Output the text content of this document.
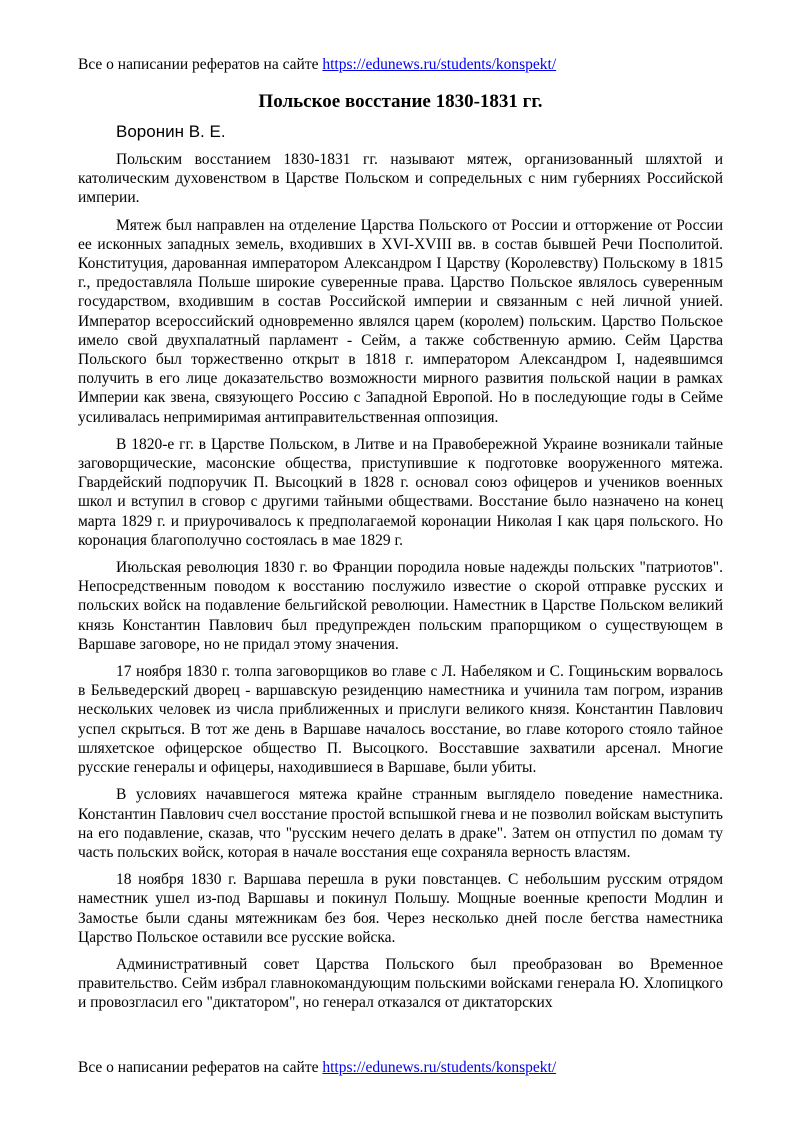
Все о написании рефератов на сайте https://edunews.ru/students/konspekt/
Польское восстание 1830-1831 гг.
Воронин В. Е.

Польским восстанием 1830-1831 гг. называют мятеж, организованный шляхтой и католическим духовенством в Царстве Польском и сопредельных с ним губерниях Российской империи.

Мятеж был направлен на отделение Царства Польского от России и отторжение от России ее исконных западных земель, входивших в XVI-XVIII вв. в состав бывшей Речи Посполитой. Конституция, дарованная императором Александром I Царству (Королевству) Польскому в 1815 г., предоставляла Польше широкие суверенные права. Царство Польское являлось суверенным государством, входившим в состав Российской империи и связанным с ней личной унией. Император всероссийский одновременно являлся царем (королем) польским. Царство Польское имело свой двухпалатный парламент - Сейм, а также собственную армию. Сейм Царства Польского был торжественно открыт в 1818 г. императором Александром I, надеявшимся получить в его лице доказательство возможности мирного развития польской нации в рамках Империи как звена, связующего Россию с Западной Европой. Но в последующие годы в Сейме усиливалась непримиримая антиправительственная оппозиция.

В 1820-е гг. в Царстве Польском, в Литве и на Правобережной Украине возникали тайные заговорщические, масонские общества, приступившие к подготовке вооруженного мятежа. Гвардейский подпоручик П. Высоцкий в 1828 г. основал союз офицеров и учеников военных школ и вступил в сговор с другими тайными обществами. Восстание было назначено на конец марта 1829 г. и приурочивалось к предполагаемой коронации Николая I как царя польского. Но коронация благополучно состоялась в мае 1829 г.

Июльская революция 1830 г. во Франции породила новые надежды польских "патриотов". Непосредственным поводом к восстанию послужило известие о скорой отправке русских и польских войск на подавление бельгийской революции. Наместник в Царстве Польском великий князь Константин Павлович был предупрежден польским прапорщиком о существующем в Варшаве заговоре, но не придал этому значения.

17 ноября 1830 г. толпа заговорщиков во главе с Л. Набеляком и С. Гощиньским ворвалось в Бельведерский дворец - варшавскую резиденцию наместника и учинила там погром, изранив нескольких человек из числа приближенных и прислуги великого князя. Константин Павлович успел скрыться. В тот же день в Варшаве началось восстание, во главе которого стояло тайное шляхетское офицерское общество П. Высоцкого. Восставшие захватили арсенал. Многие русские генералы и офицеры, находившиеся в Варшаве, были убиты.

В условиях начавшегося мятежа крайне странным выглядело поведение наместника. Константин Павлович счел восстание простой вспышкой гнева и не позволил войскам выступить на его подавление, сказав, что "русским нечего делать в драке". Затем он отпустил по домам ту часть польских войск, которая в начале восстания еще сохраняла верность властям.

18 ноября 1830 г. Варшава перешла в руки повстанцев. С небольшим русским отрядом наместник ушел из-под Варшавы и покинул Польшу. Мощные военные крепости Модлин и Замостье были сданы мятежникам без боя. Через несколько дней после бегства наместника Царство Польское оставили все русские войска.

Административный совет Царства Польского был преобразован во Временное правительство. Сейм избрал главнокомандующим польскими войсками генерала Ю. Хлопицкого и провозгласил его "диктатором", но генерал отказался от диктаторских

Все о написании рефератов на сайте https://edunews.ru/students/konspekt/
